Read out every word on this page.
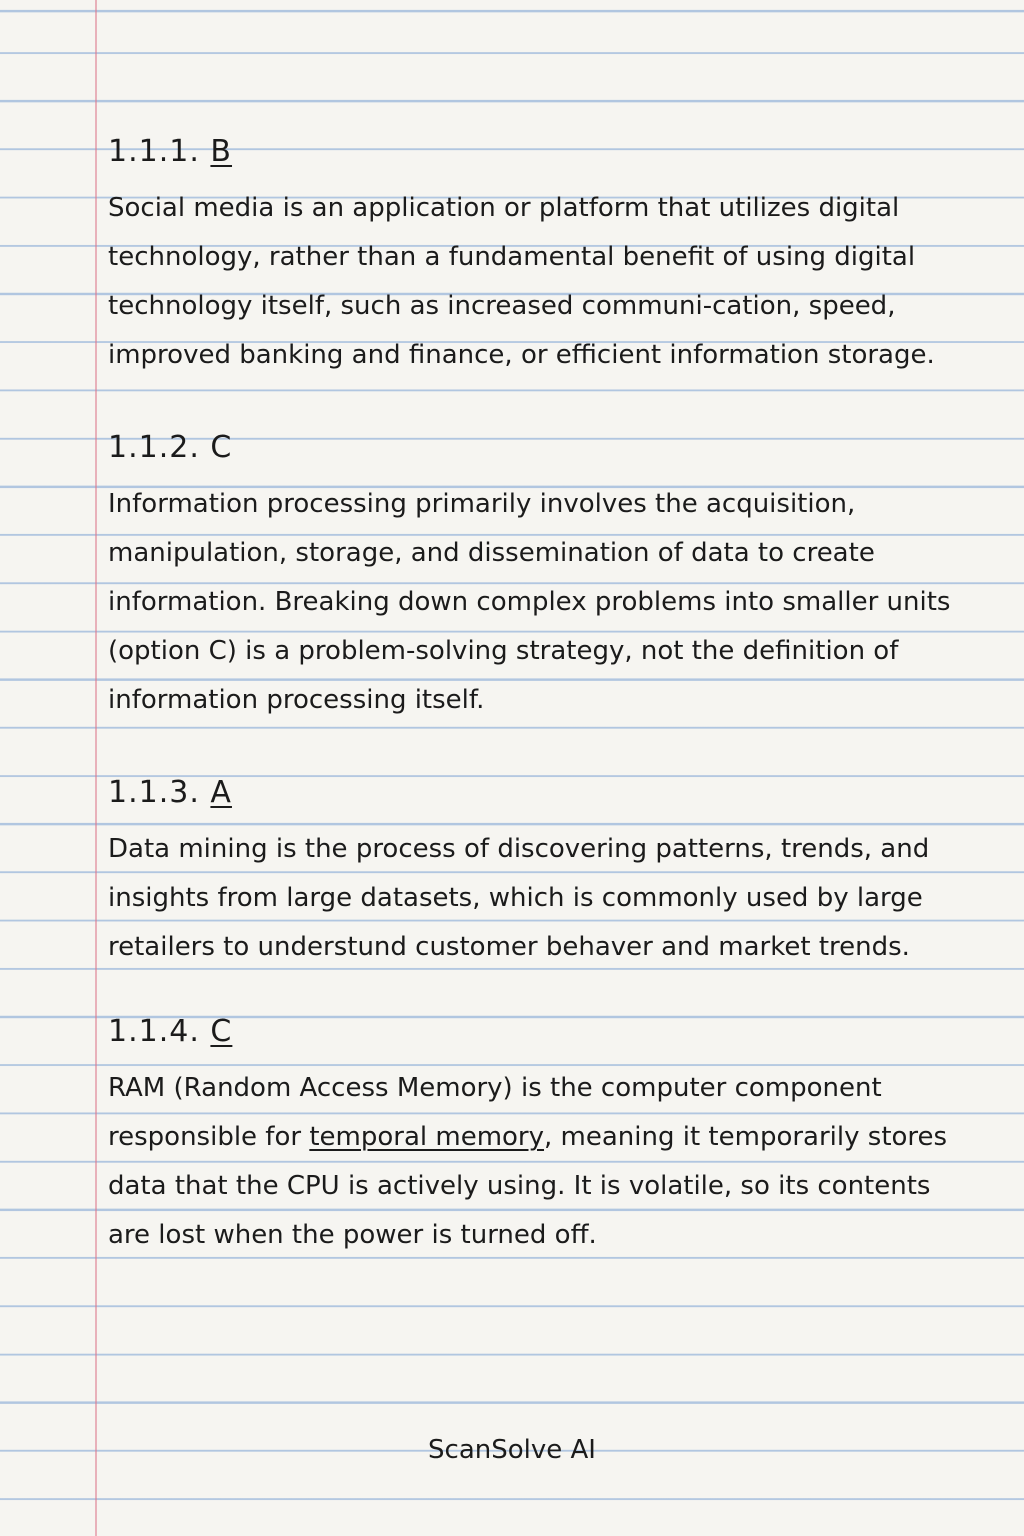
1.1.1. B

Social media is an application or platform that utilizes digital technology, rather than a fundamental benefit of using digital technology itself, such as increased communi-cation, speed, improved banking and finance, or efficient information storage.

1.1.2. C

Information processing primarily involves the acquisition, manipulation, storage, and dissemination of data to create information. Breaking down complex problems into smaller units (option C) is a problem-solving strategy, not the definition of information processing itself.

1.1.3. A

Data mining is the process of discovering patterns, trends, and insights from large datasets, which is commonly used by large retailers to understund customer behaver and market trends.

1.1.4. C

RAM (Random Access Memory) is the computer component responsible for temporal memory, meaning it temporarily stores data that the CPU is actively using. It is volatile, so its contents are lost when the power is turned off.

ScanSolve AI
